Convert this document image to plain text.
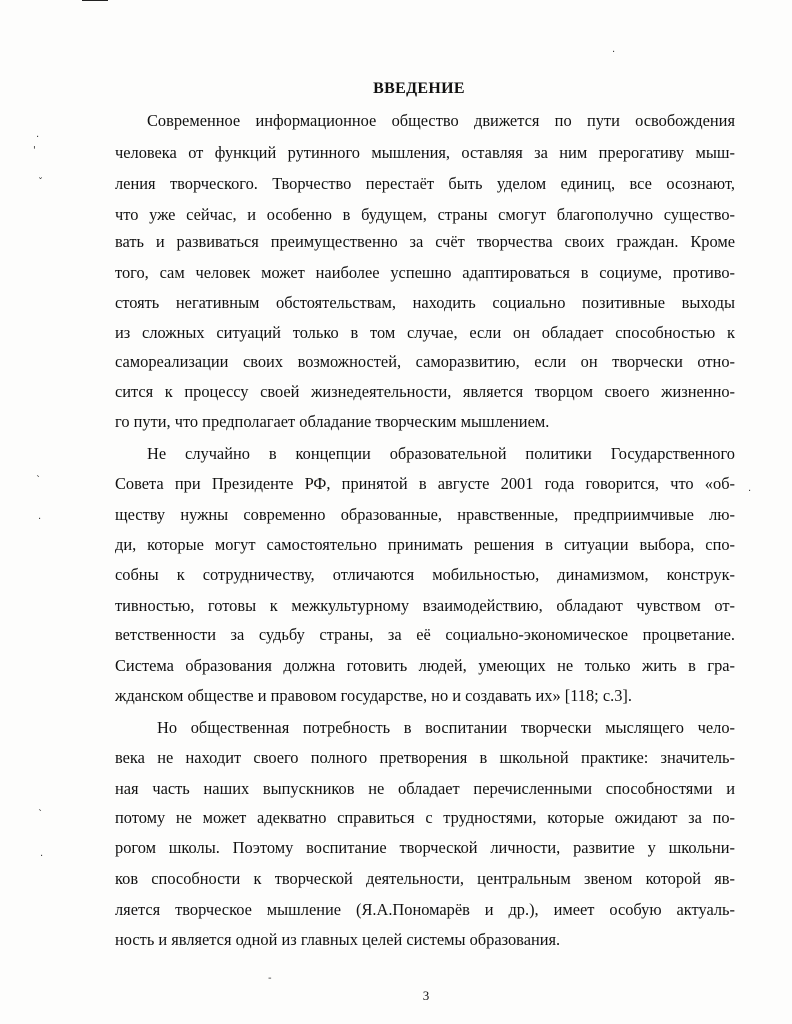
ВВЕДЕНИЕ
Современное информационное общество движется по пути освобождения
человека от функций рутинного мышления, оставляя за ним прерогативу мыш-
ления творческого. Творчество перестаёт быть уделом единиц, все осознают,
что уже сейчас, и особенно в будущем, страны смогут благополучно существо-
вать и развиваться преимущественно за счёт творчества своих граждан. Кроме
того, сам человек может наиболее успешно адаптироваться в социуме, противо-
стоять негативным обстоятельствам, находить социально позитивные выходы
из сложных ситуаций только в том случае, если он обладает способностью к
самореализации своих возможностей, саморазвитию, если он творчески отно-
сится к процессу своей жизнедеятельности, является творцом своего жизненно-
го пути, что предполагает обладание творческим мышлением.
Не случайно в концепции образовательной политики Государственного
Совета при Президенте РФ, принятой в августе 2001 года говорится, что «об-
ществу нужны современно образованные, нравственные, предприимчивые лю-
ди, которые могут самостоятельно принимать решения в ситуации выбора, спо-
собны к сотрудничеству, отличаются мобильностью, динамизмом, конструк-
тивностью, готовы к межкультурному взаимодействию, обладают чувством от-
ветственности за судьбу страны, за её социально-экономическое процветание.
Система образования должна готовить людей, умеющих не только жить в гра-
жданском обществе и правовом государстве, но и создавать их» [118; с.3].
Но общественная потребность в воспитании творчески мыслящего чело-
века не находит своего полного претворения в школьной практике: значитель-
ная часть наших выпускников не обладает перечисленными способностями и
потому не может адекватно справиться с трудностями, которые ожидают за по-
рогом школы. Поэтому воспитание творческой личности, развитие у школьни-
ков способности к творческой деятельности, центральным звеном которой яв-
ляется творческое мышление (Я.А.Пономарёв и др.), имеет особую актуаль-
ность и является одной из главных целей системы образования.
3
·
'
ˇ
ˋ
·
ˋ
·
·
·
‑
